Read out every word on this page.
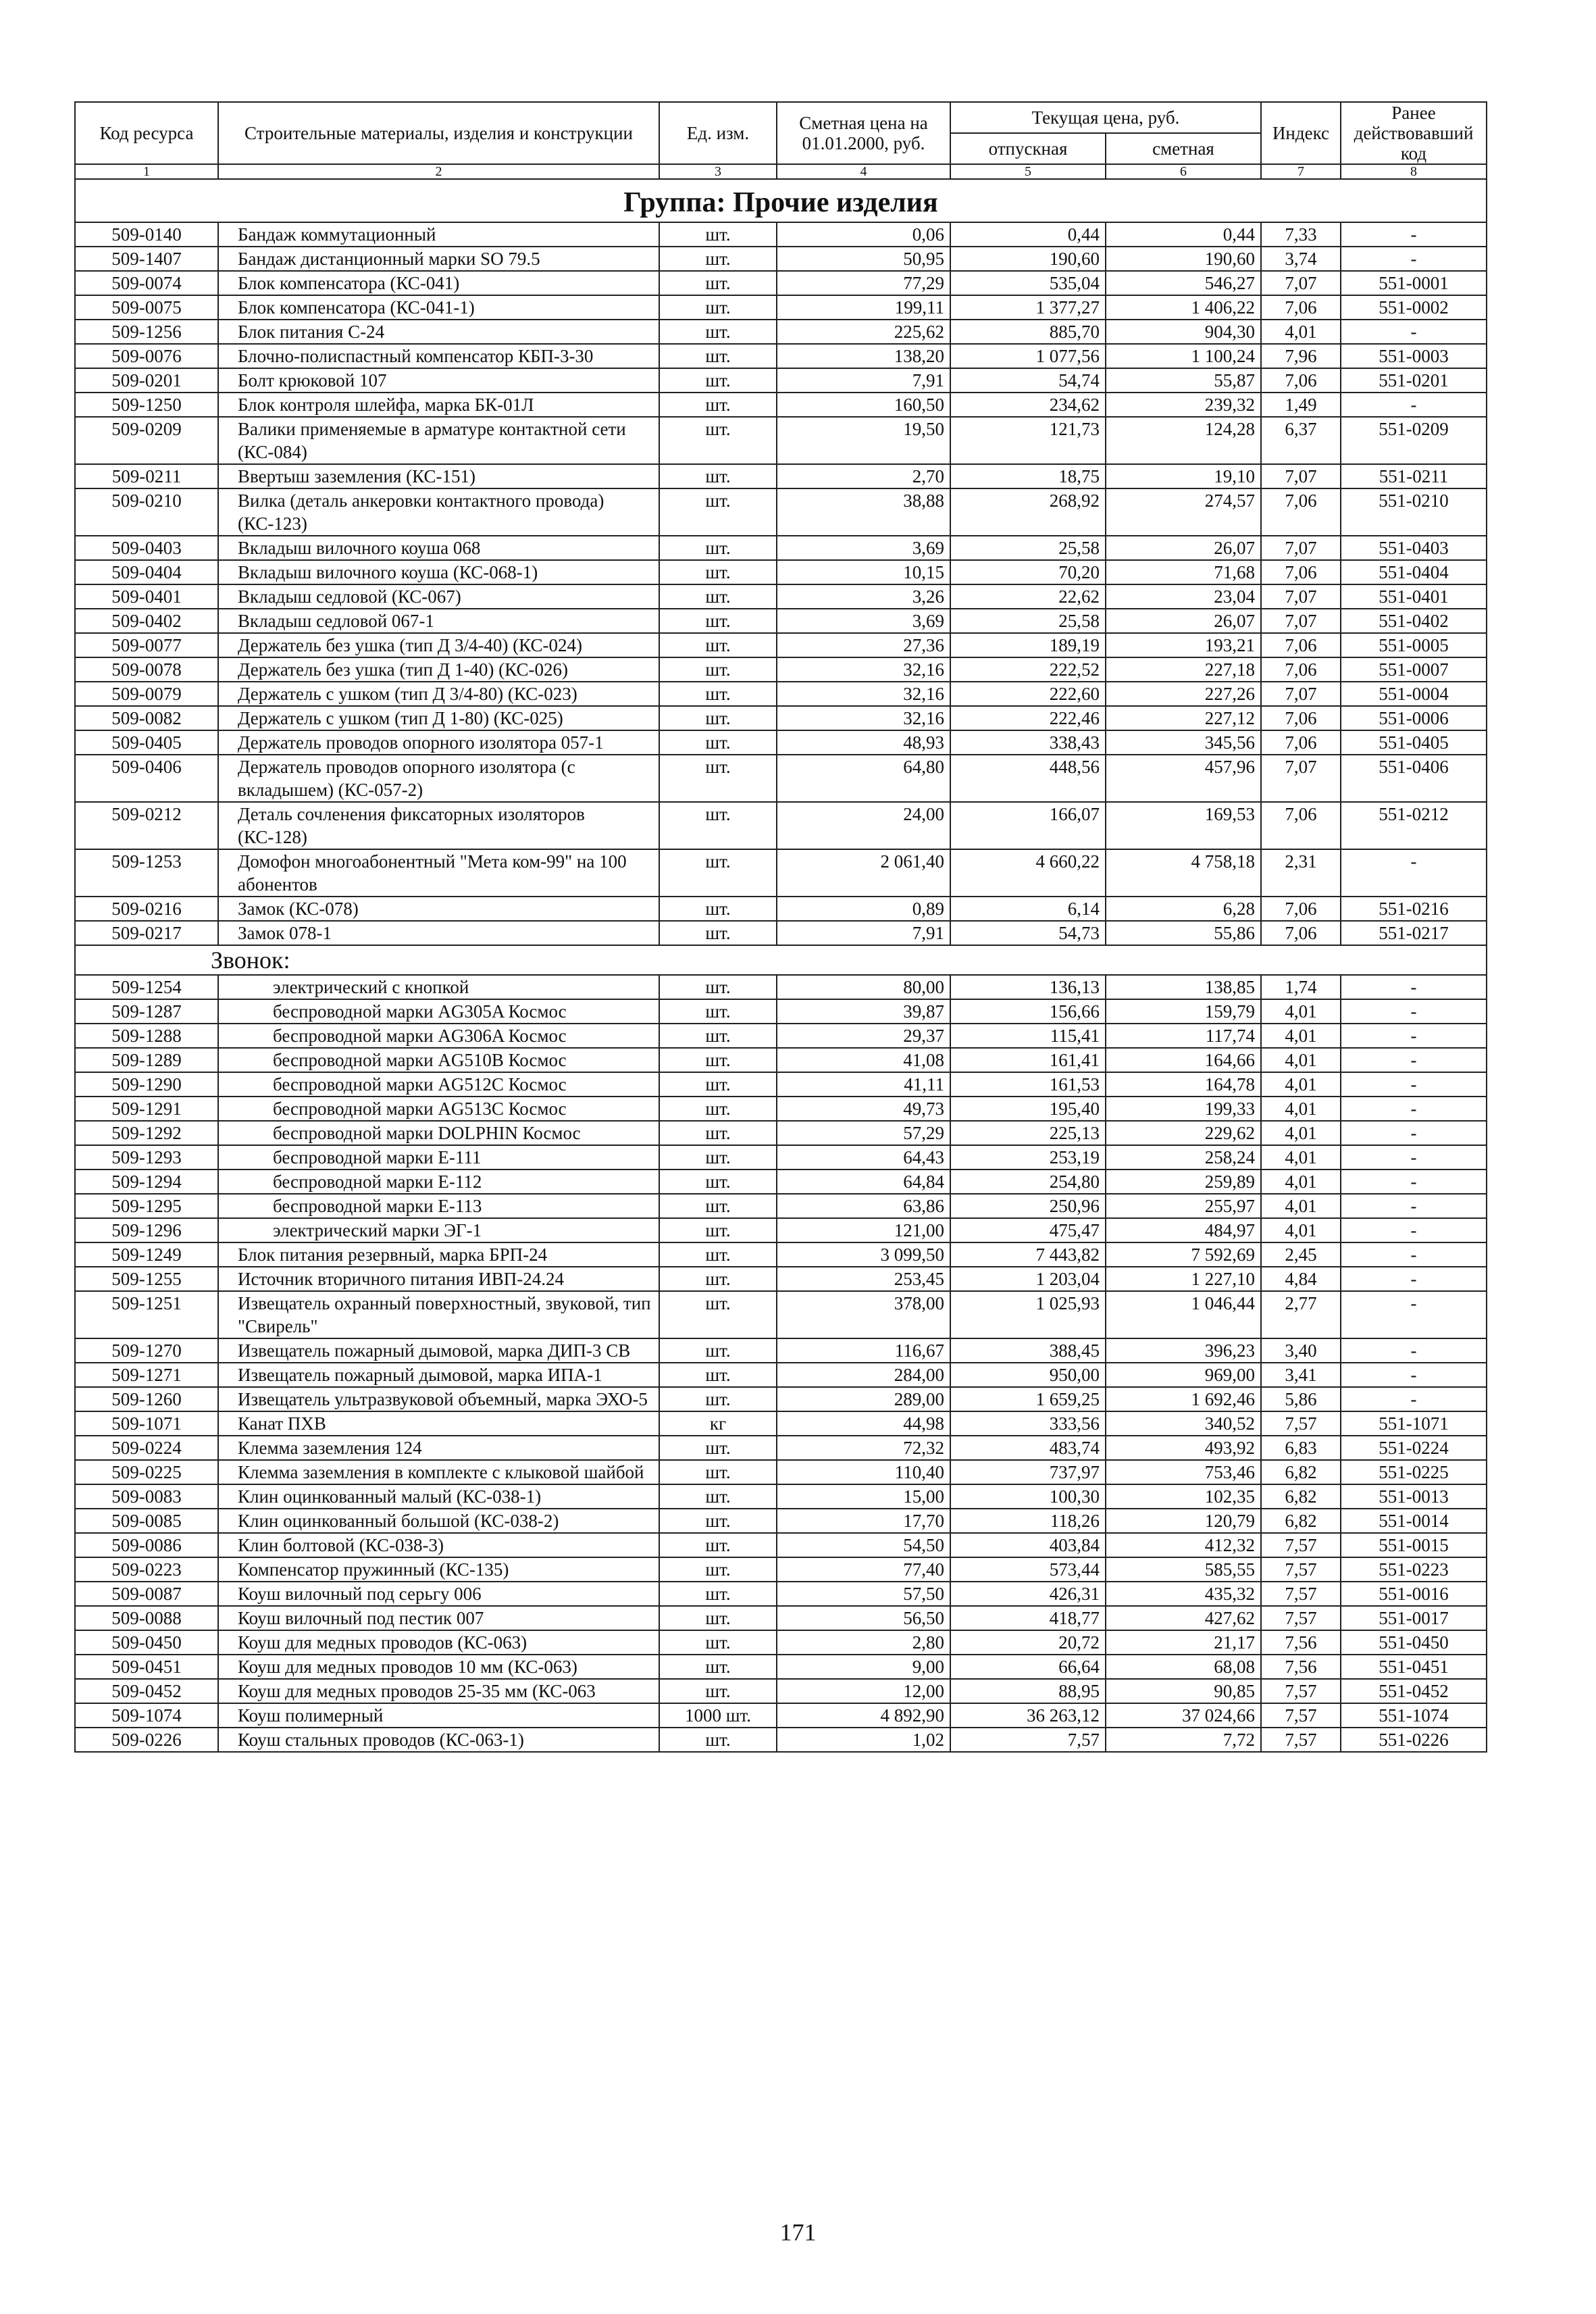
Код ресурса	Строительные материалы, изделия и конструкции	Ед. изм.	Сметная цена на 01.01.2000, руб.	Текущая цена, руб.		Индекс	Ранее действовавший код
				отпускная	сметная		
1	2	3	4	5	6	7	8
Группа: Прочие изделия							
509-0140	Бандаж коммутационный	шт.	0,06	0,44	0,44	7,33	-
509-1407	Бандаж дистанционный марки SO 79.5	шт.	50,95	190,60	190,60	3,74	-
509-0074	Блок компенсатора (КС-041)	шт.	77,29	535,04	546,27	7,07	551-0001
509-0075	Блок компенсатора (КС-041-1)	шт.	199,11	1 377,27	1 406,22	7,06	551-0002
509-1256	Блок питания С-24	шт.	225,62	885,70	904,30	4,01	-
509-0076	Блочно-полиспастный компенсатор КБП-3-30	шт.	138,20	1 077,56	1 100,24	7,96	551-0003
509-0201	Болт крюковой 107	шт.	7,91	54,74	55,87	7,06	551-0201
509-1250	Блок контроля шлейфа, марка БК-01Л	шт.	160,50	234,62	239,32	1,49	-
509-0209	Валики применяемые в арматуре контактной сети (КС-084)	шт.	19,50	121,73	124,28	6,37	551-0209
509-0211	Ввертыш заземления (КС-151)	шт.	2,70	18,75	19,10	7,07	551-0211
509-0210	Вилка (деталь анкеровки контактного провода) (КС-123)	шт.	38,88	268,92	274,57	7,06	551-0210
509-0403	Вкладыш вилочного коуша 068	шт.	3,69	25,58	26,07	7,07	551-0403
509-0404	Вкладыш вилочного коуша (КС-068-1)	шт.	10,15	70,20	71,68	7,06	551-0404
509-0401	Вкладыш седловой (КС-067)	шт.	3,26	22,62	23,04	7,07	551-0401
509-0402	Вкладыш седловой 067-1	шт.	3,69	25,58	26,07	7,07	551-0402
509-0077	Держатель без ушка (тип Д 3/4-40) (КС-024)	шт.	27,36	189,19	193,21	7,06	551-0005
509-0078	Держатель без ушка (тип Д 1-40) (КС-026)	шт.	32,16	222,52	227,18	7,06	551-0007
509-0079	Держатель с ушком (тип Д 3/4-80) (КС-023)	шт.	32,16	222,60	227,26	7,07	551-0004
509-0082	Держатель с ушком (тип Д 1-80) (КС-025)	шт.	32,16	222,46	227,12	7,06	551-0006
509-0405	Держатель проводов опорного изолятора 057-1	шт.	48,93	338,43	345,56	7,06	551-0405
509-0406	Держатель проводов опорного изолятора (с вкладышем) (КС-057-2)	шт.	64,80	448,56	457,96	7,07	551-0406
509-0212	Деталь сочленения фиксаторных изоляторов (КС-128)	шт.	24,00	166,07	169,53	7,06	551-0212
509-1253	Домофон многоабонентный "Мета ком-99" на 100 абонентов	шт.	2 061,40	4 660,22	4 758,18	2,31	-
509-0216	Замок (КС-078)	шт.	0,89	6,14	6,28	7,06	551-0216
509-0217	Замок 078-1	шт.	7,91	54,73	55,86	7,06	551-0217
Звонок:							
509-1254	электрический с кнопкой	шт.	80,00	136,13	138,85	1,74	-
509-1287	беспроводной марки AG305A Космос	шт.	39,87	156,66	159,79	4,01	-
509-1288	беспроводной марки AG306A Космос	шт.	29,37	115,41	117,74	4,01	-
509-1289	беспроводной марки AG510B Космос	шт.	41,08	161,41	164,66	4,01	-
509-1290	беспроводной марки AG512C Космос	шт.	41,11	161,53	164,78	4,01	-
509-1291	беспроводной марки AG513C Космос	шт.	49,73	195,40	199,33	4,01	-
509-1292	беспроводной марки DOLPHIN Космос	шт.	57,29	225,13	229,62	4,01	-
509-1293	беспроводной марки Е-111	шт.	64,43	253,19	258,24	4,01	-
509-1294	беспроводной марки Е-112	шт.	64,84	254,80	259,89	4,01	-
509-1295	беспроводной марки Е-113	шт.	63,86	250,96	255,97	4,01	-
509-1296	электрический марки ЭГ-1	шт.	121,00	475,47	484,97	4,01	-
509-1249	Блок питания резервный, марка БРП-24	шт.	3 099,50	7 443,82	7 592,69	2,45	-
509-1255	Источник вторичного питания ИВП-24.24	шт.	253,45	1 203,04	1 227,10	4,84	-
509-1251	Извещатель охранный поверхностный, звуковой, тип "Свирель"	шт.	378,00	1 025,93	1 046,44	2,77	-
509-1270	Извещатель пожарный дымовой, марка ДИП-3 СВ	шт.	116,67	388,45	396,23	3,40	-
509-1271	Извещатель пожарный дымовой, марка ИПА-1	шт.	284,00	950,00	969,00	3,41	-
509-1260	Извещатель ультразвуковой объемный, марка ЭХО-5	шт.	289,00	1 659,25	1 692,46	5,86	-
509-1071	Канат ПХВ	кг	44,98	333,56	340,52	7,57	551-1071
509-0224	Клемма заземления 124	шт.	72,32	483,74	493,92	6,83	551-0224
509-0225	Клемма заземления в комплекте с клыковой шайбой	шт.	110,40	737,97	753,46	6,82	551-0225
509-0083	Клин оцинкованный малый (КС-038-1)	шт.	15,00	100,30	102,35	6,82	551-0013
509-0085	Клин оцинкованный большой (КС-038-2)	шт.	17,70	118,26	120,79	6,82	551-0014
509-0086	Клин болтовой (КС-038-3)	шт.	54,50	403,84	412,32	7,57	551-0015
509-0223	Компенсатор пружинный (КС-135)	шт.	77,40	573,44	585,55	7,57	551-0223
509-0087	Коуш вилочный под серьгу 006	шт.	57,50	426,31	435,32	7,57	551-0016
509-0088	Коуш вилочный под пестик 007	шт.	56,50	418,77	427,62	7,57	551-0017
509-0450	Коуш для медных проводов (КС-063)	шт.	2,80	20,72	21,17	7,56	551-0450
509-0451	Коуш для медных проводов 10 мм (КС-063)	шт.	9,00	66,64	68,08	7,56	551-0451
509-0452	Коуш для медных проводов 25-35 мм (КС-063	шт.	12,00	88,95	90,85	7,57	551-0452
509-1074	Коуш полимерный	1000 шт.	4 892,90	36 263,12	37 024,66	7,57	551-1074
509-0226	Коуш стальных проводов (КС-063-1)	шт.	1,02	7,57	7,72	7,57	551-0226
171
